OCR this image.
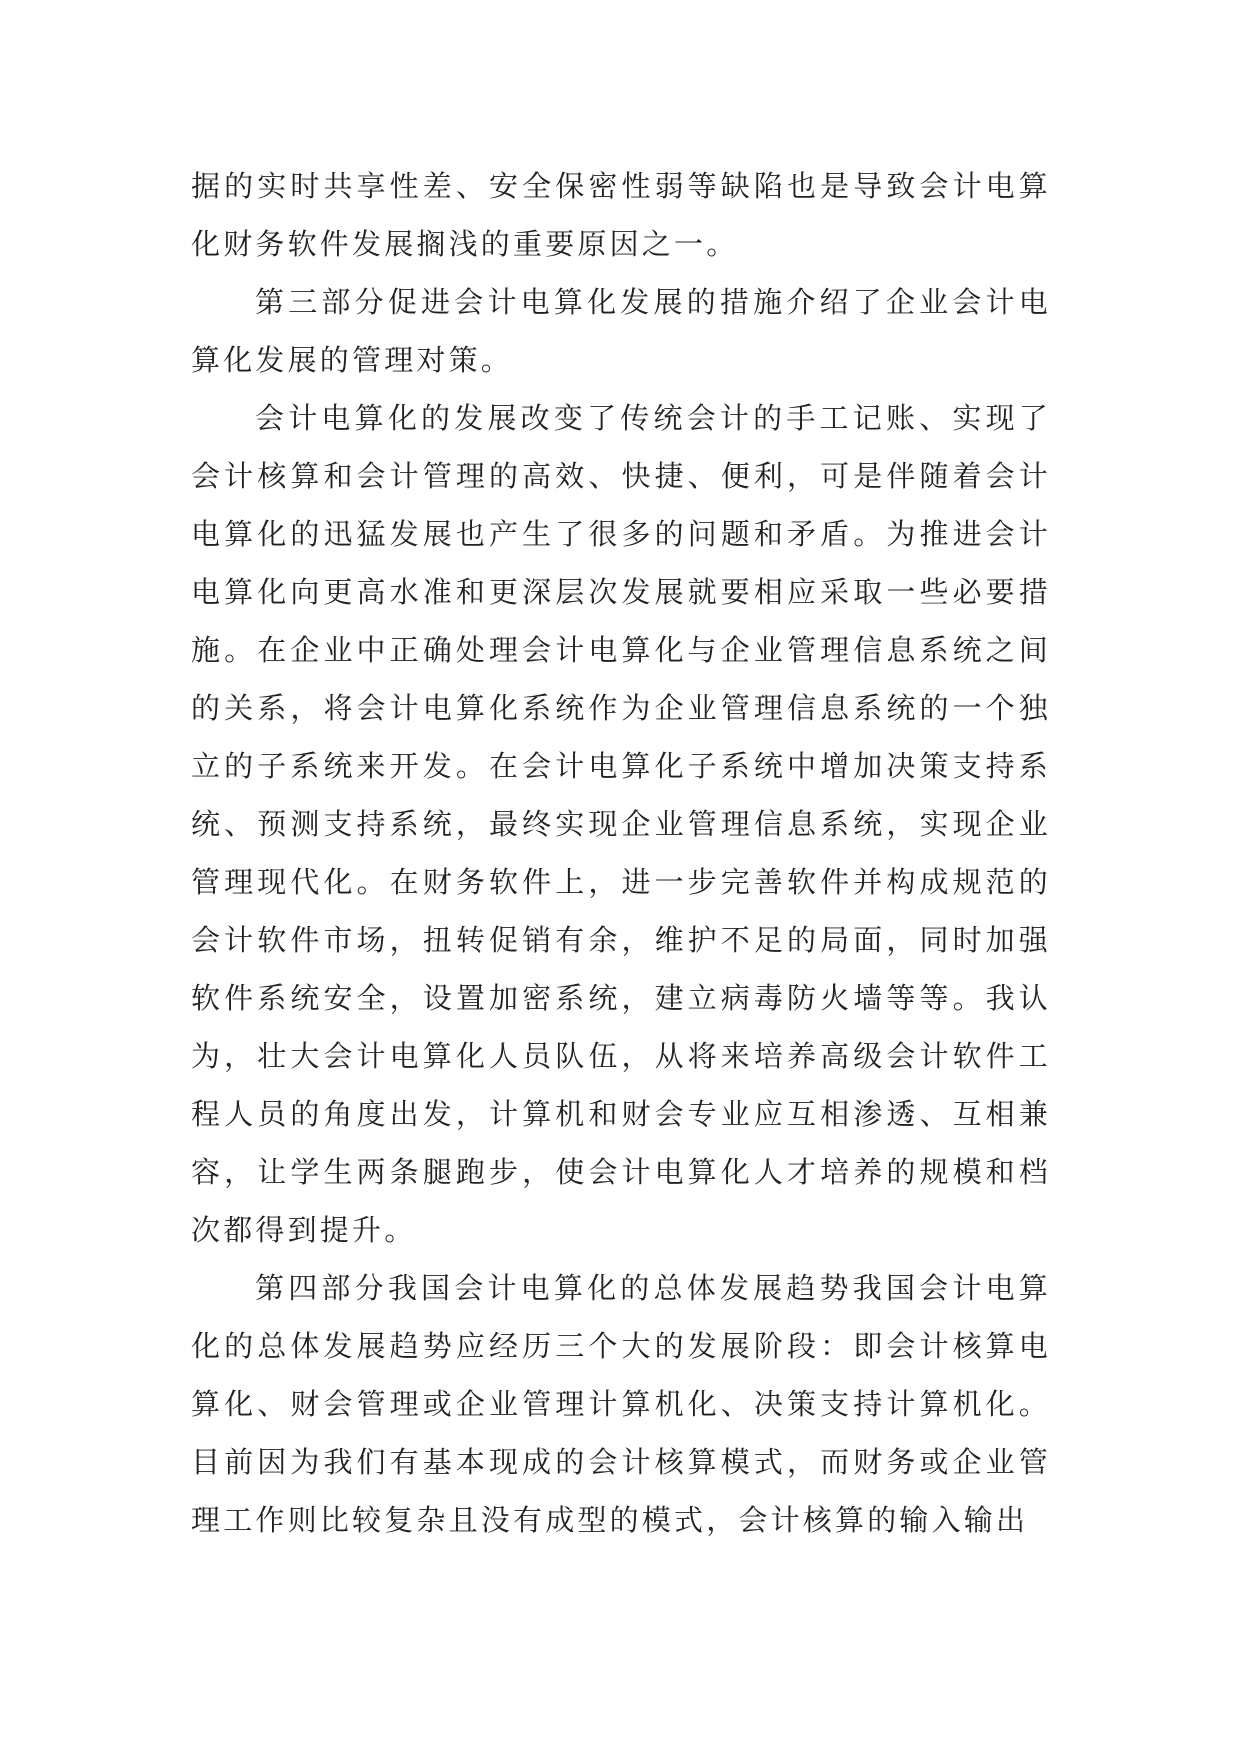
据的实时共享性差、安全保密性弱等缺陷也是导致会计电算化财务软件发展搁浅的重要原因之一。

第三部分促进会计电算化发展的措施介绍了企业会计电算化发展的管理对策。

会计电算化的发展改变了传统会计的手工记账、实现了会计核算和会计管理的高效、快捷、便利，可是伴随着会计电算化的迅猛发展也产生了很多的问题和矛盾。为推进会计电算化向更高水准和更深层次发展就要相应采取一些必要措施。在企业中正确处理会计电算化与企业管理信息系统之间的关系，将会计电算化系统作为企业管理信息系统的一个独立的子系统来开发。在会计电算化子系统中增加决策支持系统、预测支持系统，最终实现企业管理信息系统，实现企业管理现代化。在财务软件上，进一步完善软件并构成规范的会计软件市场，扭转促销有余，维护不足的局面，同时加强软件系统安全，设置加密系统，建立病毒防火墙等等。我认为，壮大会计电算化人员队伍，从将来培养高级会计软件工程人员的角度出发，计算机和财会专业应互相渗透、互相兼容，让学生两条腿跑步，使会计电算化人才培养的规模和档次都得到提升。

第四部分我国会计电算化的总体发展趋势我国会计电算化的总体发展趋势应经历三个大的发展阶段：即会计核算电算化、财会管理或企业管理计算机化、决策支持计算机化。目前因为我们有基本现成的会计核算模式，而财务或企业管理工作则比较复杂且没有成型的模式，会计核算的输入输出
